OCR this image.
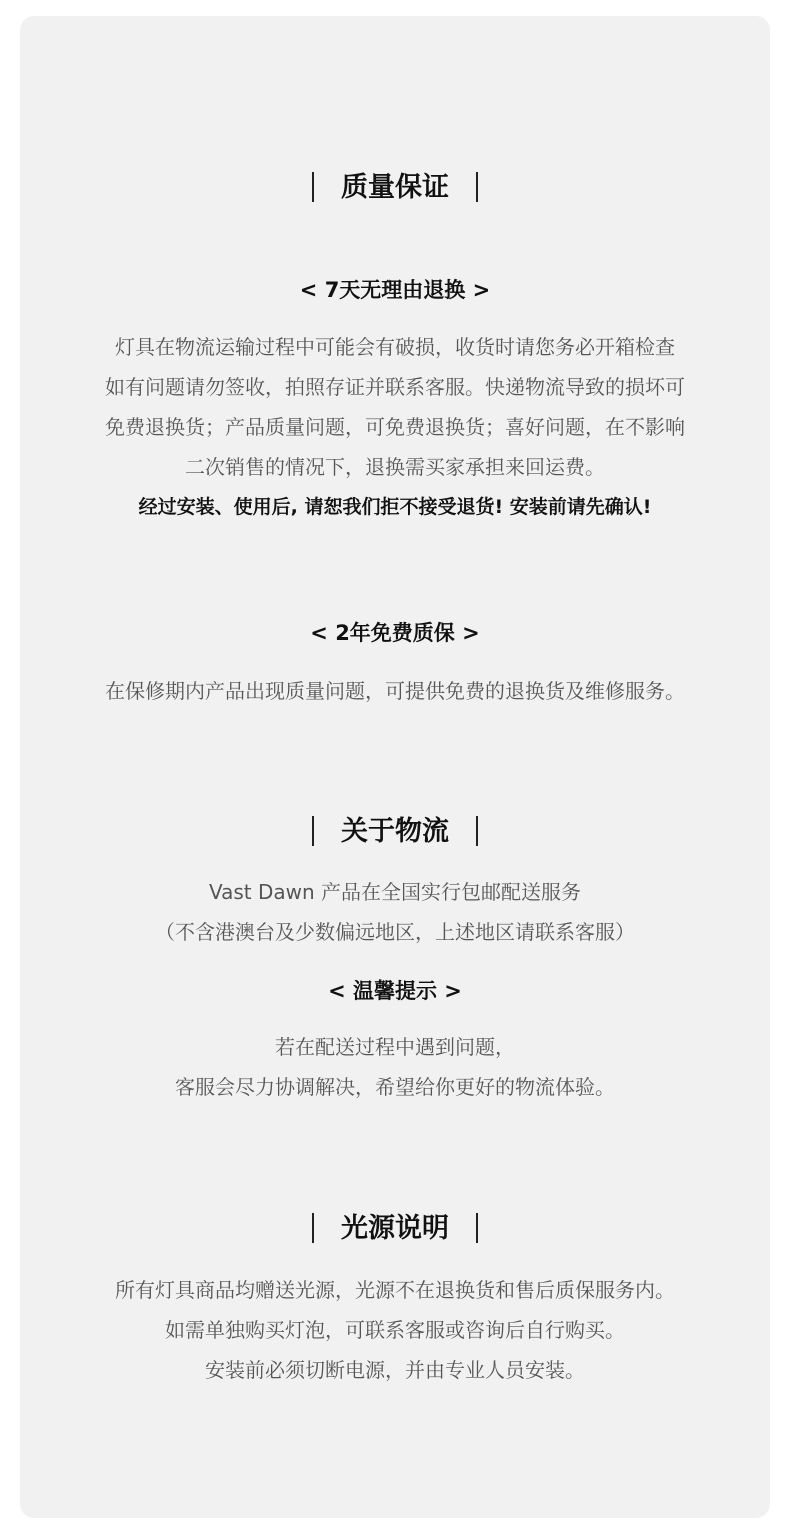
质量保证
< 7天无理由退换 >
灯具在物流运输过程中可能会有破损，收货时请您务必开箱检查
如有问题请勿签收，拍照存证并联系客服。快递物流导致的损坏可
免费退换货；产品质量问题，可免费退换货；喜好问题，在不影响
二次销售的情况下，退换需买家承担来回运费。
经过安装、使用后, 请恕我们拒不接受退货! 安装前请先确认!
< 2年免费质保 >
在保修期内产品出现质量问题，可提供免费的退换货及维修服务。
关于物流
Vast Dawn 产品在全国实行包邮配送服务
（不含港澳台及少数偏远地区，上述地区请联系客服）
< 温馨提示 >
若在配送过程中遇到问题，
客服会尽力协调解决，希望给你更好的物流体验。
光源说明
所有灯具商品均赠送光源，光源不在退换货和售后质保服务内。
如需单独购买灯泡，可联系客服或咨询后自行购买。
安装前必须切断电源，并由专业人员安装。
